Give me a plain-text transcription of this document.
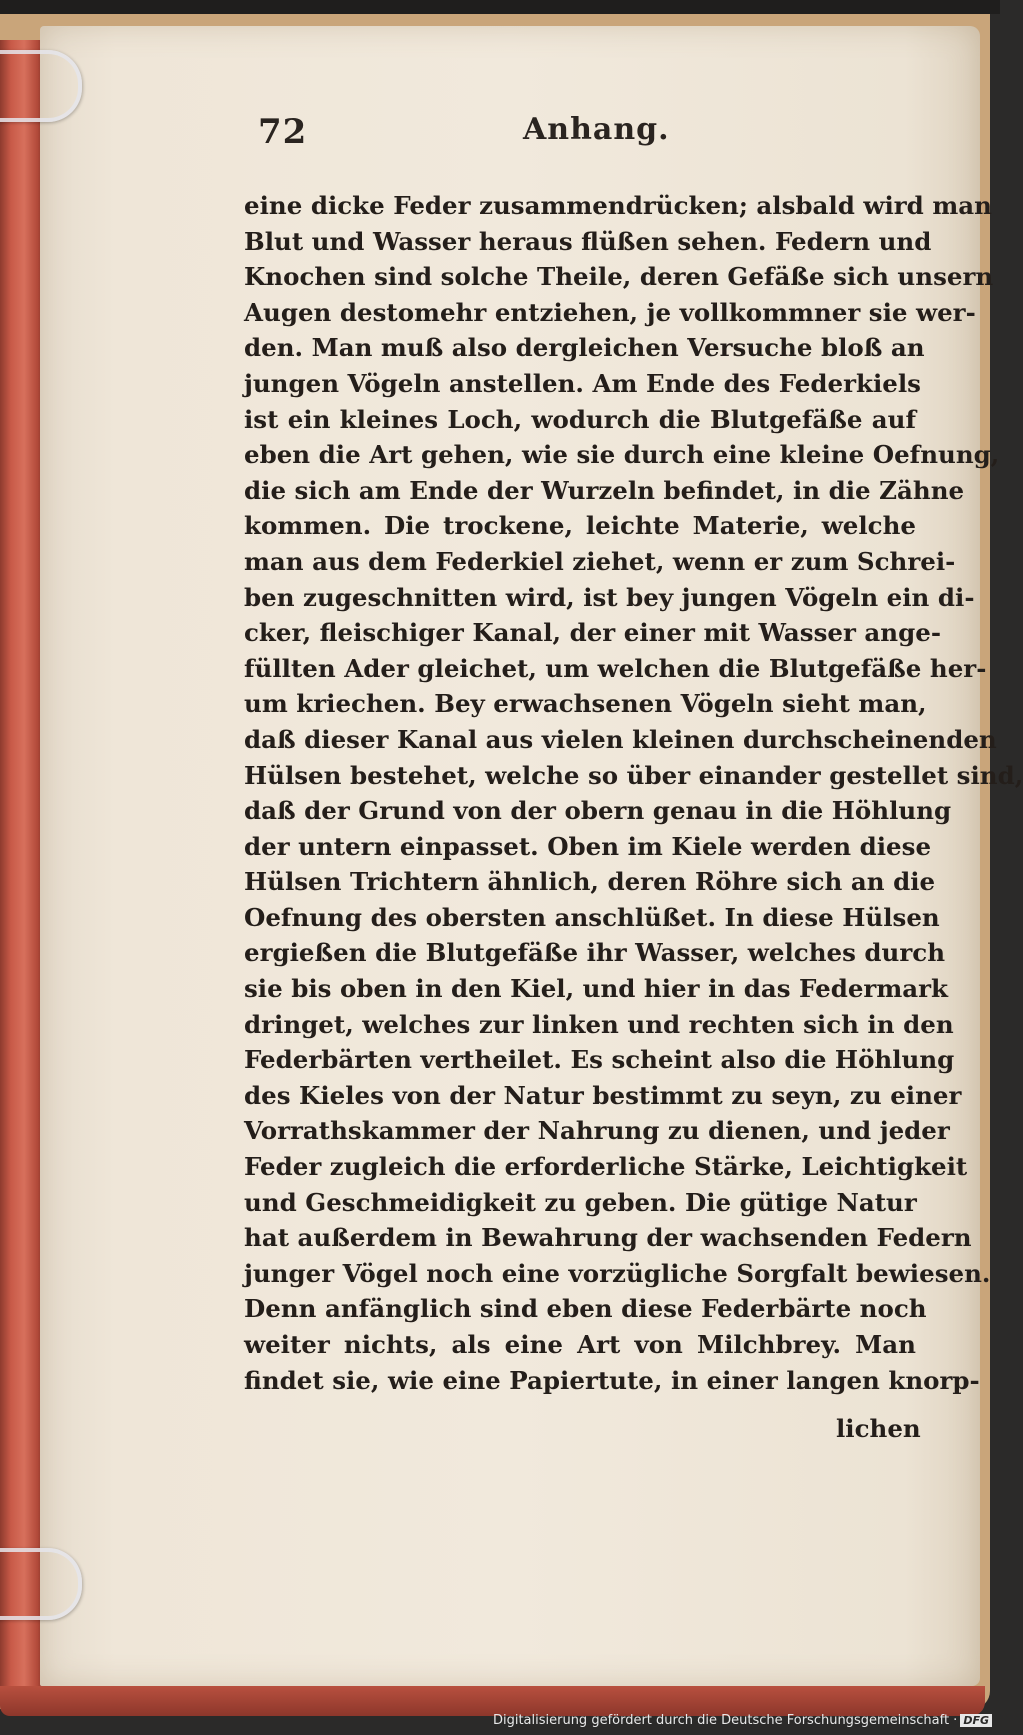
72	Anhang.
eine dicke Feder zusammendrücken; alsbald wird man
Blut und Wasser heraus flüßen sehen. Federn und
Knochen sind solche Theile, deren Gefäße sich unsern
Augen destomehr entziehen, je vollkommner sie wer-
den. Man muß also dergleichen Versuche bloß an
jungen Vögeln anstellen. Am Ende des Federkiels
ist ein kleines Loch, wodurch die Blutgefäße auf
eben die Art gehen, wie sie durch eine kleine Oefnung,
die sich am Ende der Wurzeln befindet, in die Zähne
kommen. Die trockene, leichte Materie, welche
man aus dem Federkiel ziehet, wenn er zum Schrei-
ben zugeschnitten wird, ist bey jungen Vögeln ein di-
cker, fleischiger Kanal, der einer mit Wasser ange-
füllten Ader gleichet, um welchen die Blutgefäße her-
um kriechen. Bey erwachsenen Vögeln sieht man,
daß dieser Kanal aus vielen kleinen durchscheinenden
Hülsen bestehet, welche so über einander gestellet sind,
daß der Grund von der obern genau in die Höhlung
der untern einpasset. Oben im Kiele werden diese
Hülsen Trichtern ähnlich, deren Röhre sich an die
Oefnung des obersten anschlüßet. In diese Hülsen
ergießen die Blutgefäße ihr Wasser, welches durch
sie bis oben in den Kiel, und hier in das Federmark
dringet, welches zur linken und rechten sich in den
Federbärten vertheilet. Es scheint also die Höhlung
des Kieles von der Natur bestimmt zu seyn, zu einer
Vorrathskammer der Nahrung zu dienen, und jeder
Feder zugleich die erforderliche Stärke, Leichtigkeit
und Geschmeidigkeit zu geben. Die gütige Natur
hat außerdem in Bewahrung der wachsenden Federn
junger Vögel noch eine vorzügliche Sorgfalt bewiesen.
Denn anfänglich sind eben diese Federbärte noch
weiter nichts, als eine Art von Milchbrey. Man
findet sie, wie eine Papiertute, in einer langen knorp-
lichen
Digitalisierung gefördert durch die Deutsche Forschungsgemeinschaft · DFG
